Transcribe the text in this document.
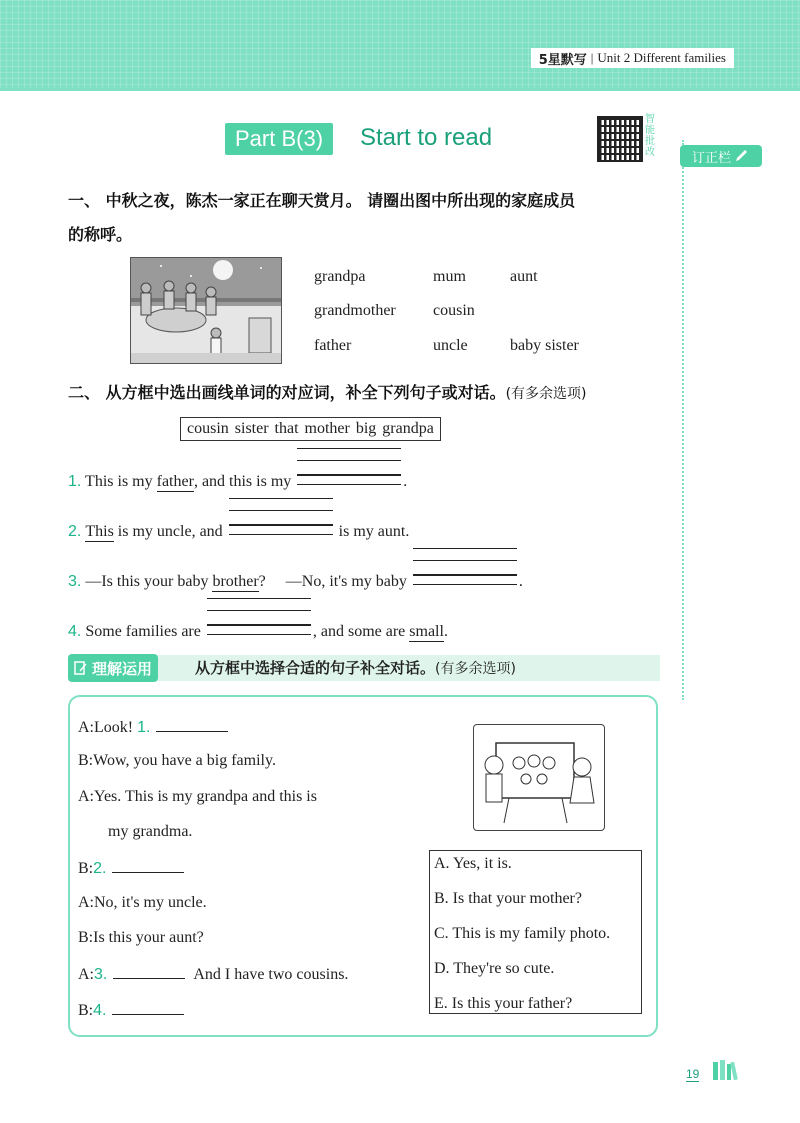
5星默写 | Unit 2 Different families
Part B(3)	Start to read
智能批改	订正栏
一、 中秋之夜，陈杰一家正在聊天赏月。 请圈出图中所出现的家庭成员
的称呼。
grandpa	mum	aunt
grandmother cousin
father	uncle	baby sister
二、 从方框中选出画线单词的对应词，补全下列句子或对话。(有多余选项)
cousin sister that mother big grandpa
1. This is my father , and this is my	.
2. This is my uncle, and	is my aunt.
3. —Is this your baby brother ?     —No, it's my baby	.
4. Some families are	, and some are small .
理解运用	从方框中选择合适的句子补全对话。(有多余选项)
A: Look! 1.
B: Wow, you have a big family.
A: Yes. This is my grandpa and this is
my grandma.
B: 2.
A: No, it's my uncle.
B: Is this your aunt?
A: 3.	And I have two cousins.
B: 4.
A. Yes, it is.
B. Is that your mother?
C. This is my family photo.
D. They're so cute.
E. Is this your father?
19
